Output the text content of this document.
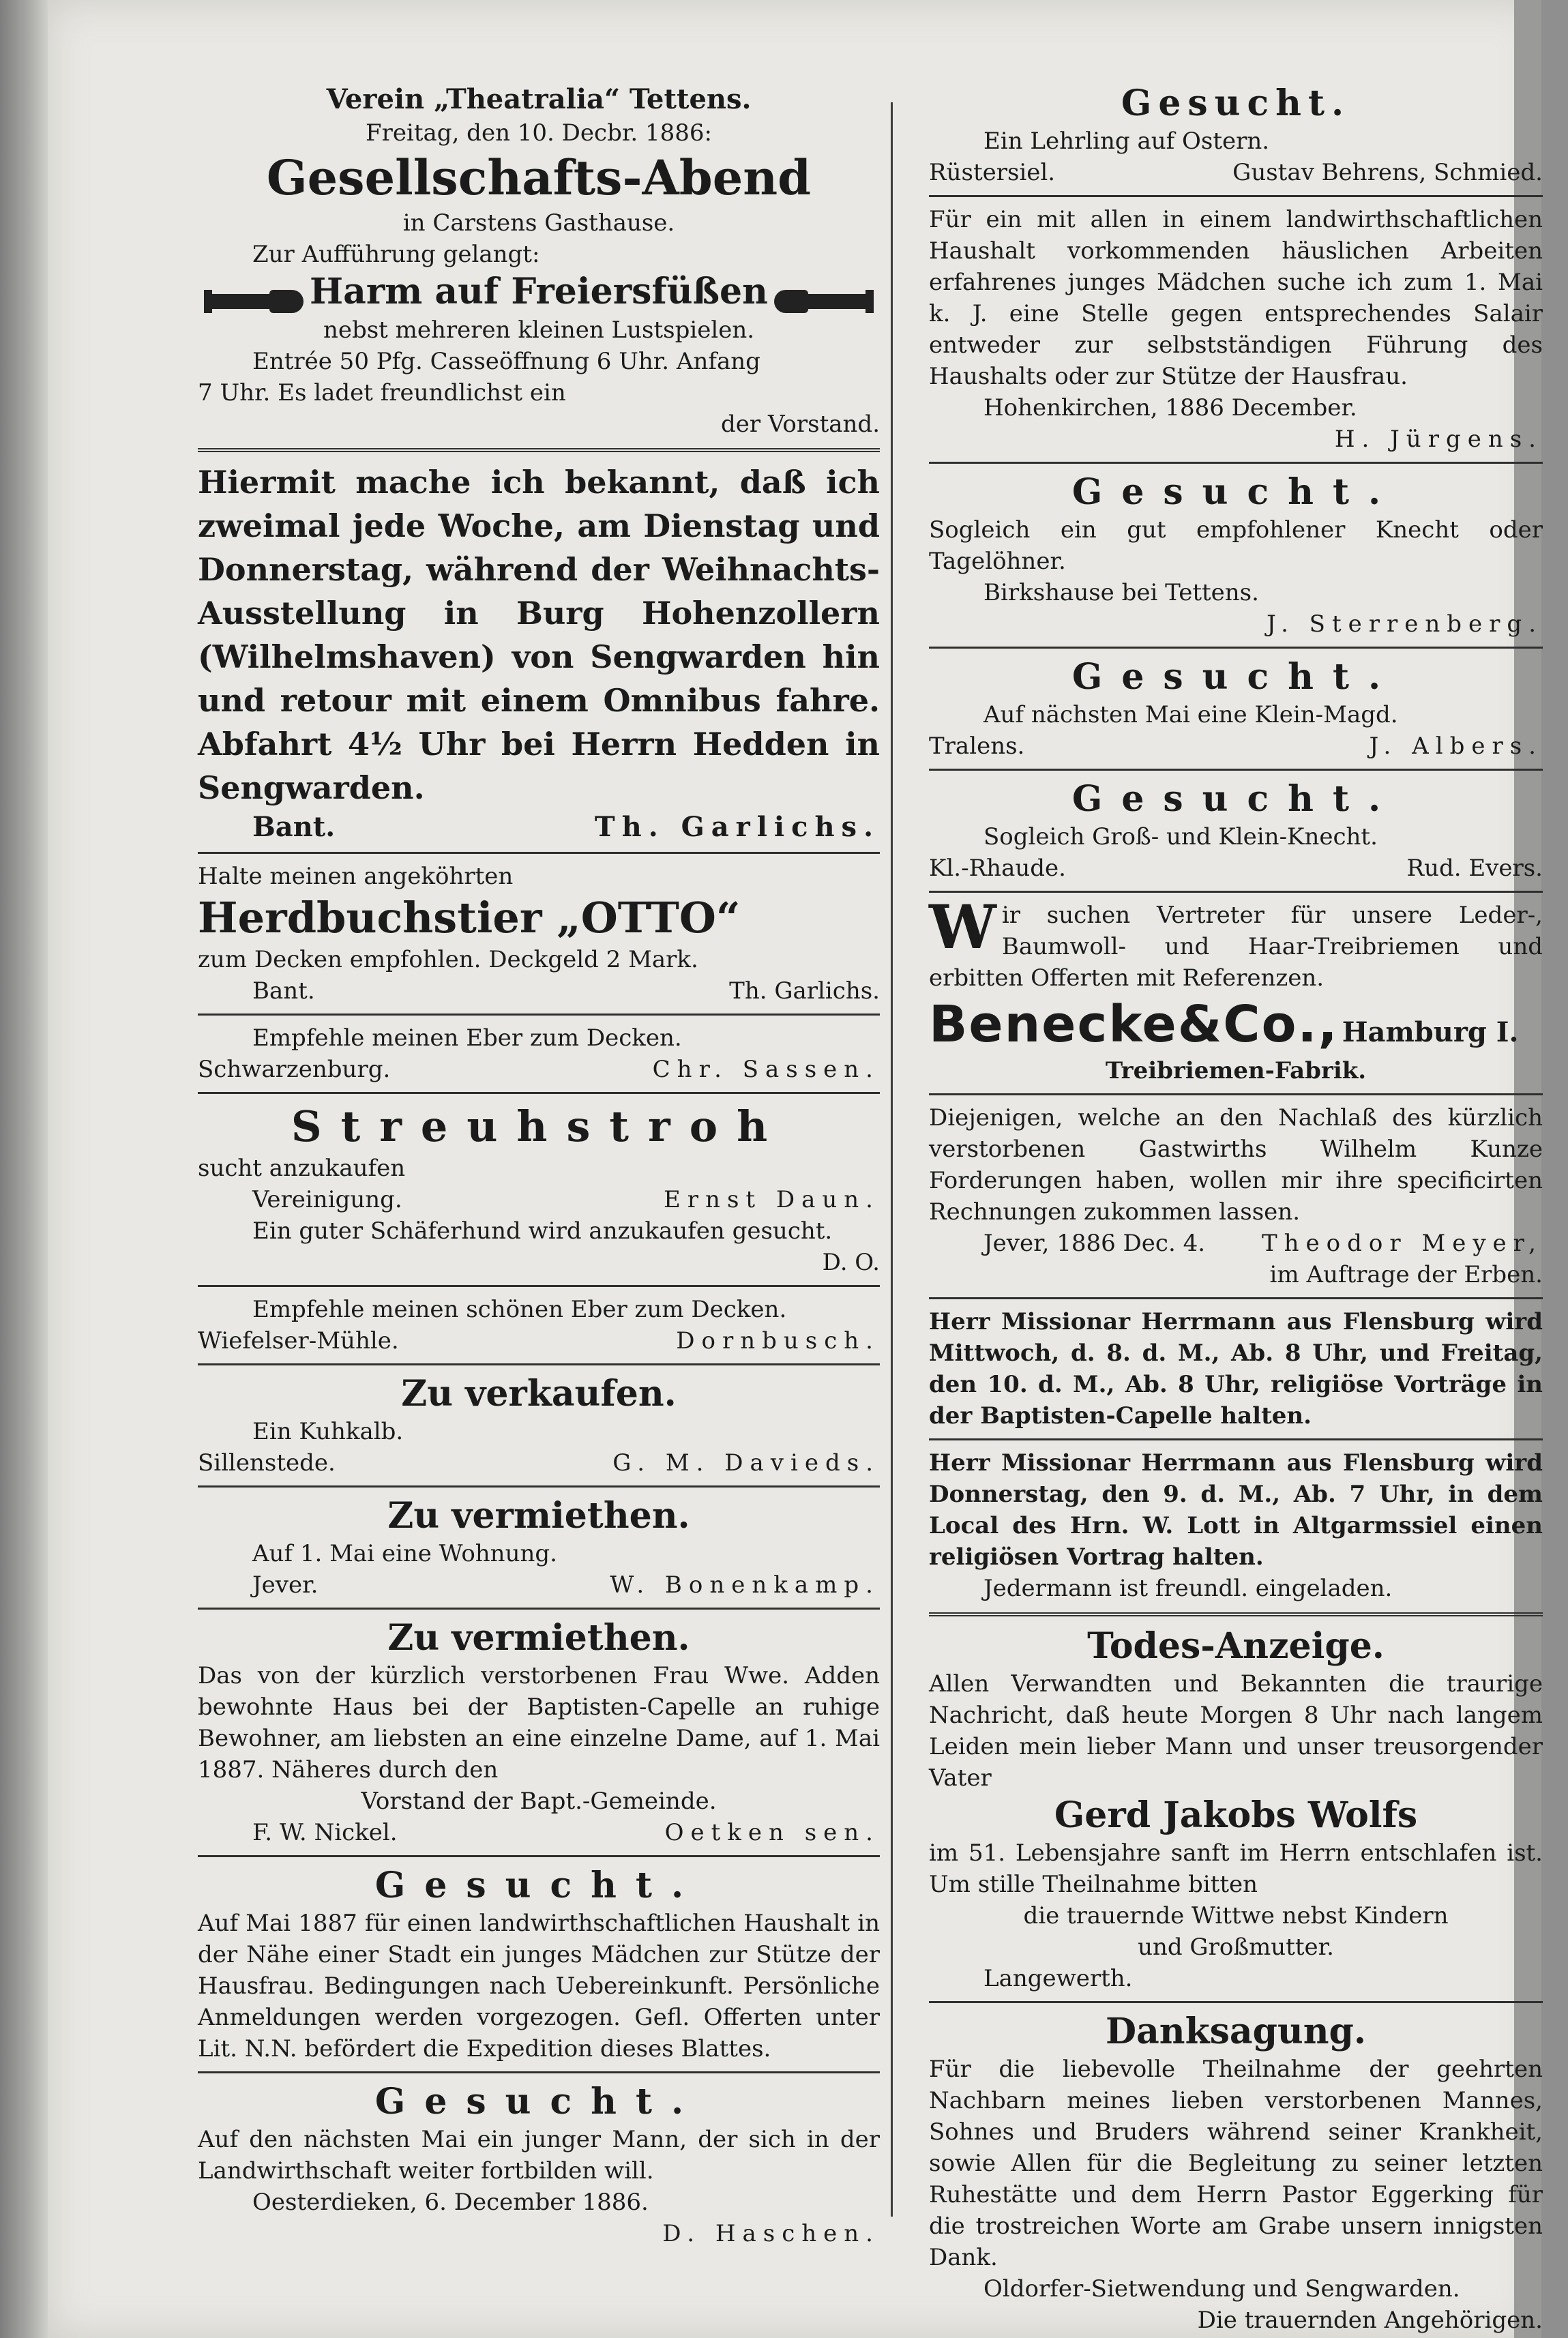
Verein „Theatralia“ Tettens.
Freitag, den 10. Decbr. 1886:
Gesellschafts-Abend
in Carstens Gasthause.
Zur Aufführung gelangt:
Harm auf Freiersfüßen
nebst mehreren kleinen Lustspielen.
Entrée 50 Pfg. Casseöffnung 6 Uhr. Anfang
7 Uhr. Es ladet freundlichst ein
der Vorstand.
Hiermit mache ich bekannt, daß ich zweimal jede Woche, am Dienstag und Donnerstag, während der Weihnachts-Ausstellung in Burg Hohenzollern (Wilhelmshaven) von Sengwarden hin und retour mit einem Omnibus fahre. Abfahrt 4½ Uhr bei Herrn Hedden in Sengwarden.
Bant.	Th. Garlichs.
Halte meinen angeköhrten
Herdbuchstier „OTTO“
zum Decken empfohlen. Deckgeld 2 Mark.
Bant.	Th. Garlichs.
Empfehle meinen Eber zum Decken.
Schwarzenburg.	Chr. Sassen.
Streuhstroh
sucht anzukaufen
Vereinigung.	Ernst Daun.
Ein guter Schäferhund wird anzukaufen gesucht.
D. O.
Empfehle meinen schönen Eber zum Decken.
Wiefelser-Mühle.	Dornbusch.
Zu verkaufen.
Ein Kuhkalb.
Sillenstede.	G. M. Davieds.
Zu vermiethen.
Auf 1. Mai eine Wohnung.
Jever.	W. Bonenkamp.
Zu vermiethen.
Das von der kürzlich verstorbenen Frau Wwe. Adden bewohnte Haus bei der Baptisten-Capelle an ruhige Bewohner, am liebsten an eine einzelne Dame, auf 1. Mai 1887. Näheres durch den
Vorstand der Bapt.-Gemeinde.
F. W. Nickel.	Oetken sen.
Gesucht.
Auf Mai 1887 für einen landwirthschaftlichen Haushalt in der Nähe einer Stadt ein junges Mädchen zur Stütze der Hausfrau. Bedingungen nach Uebereinkunft. Persönliche Anmeldungen werden vorgezogen. Gefl. Offerten unter Lit. N.N. befördert die Expedition dieses Blattes.
Gesucht.
Auf den nächsten Mai ein junger Mann, der sich in der Landwirthschaft weiter fortbilden will.
Oesterdieken, 6. December 1886.
D. Haschen.
Gesucht.
Ein Lehrling auf Ostern.
Rüstersiel.	Gustav Behrens, Schmied.
Für ein mit allen in einem landwirthschaftlichen Haushalt vorkommenden häuslichen Arbeiten erfahrenes junges Mädchen suche ich zum 1. Mai k. J. eine Stelle gegen entsprechendes Salair entweder zur selbstständigen Führung des Haushalts oder zur Stütze der Hausfrau.
Hohenkirchen, 1886 December.
H. Jürgens.
Gesucht.
Sogleich ein gut empfohlener Knecht oder Tagelöhner.
Birkshause bei Tettens.
J. Sterrenberg.
Gesucht.
Auf nächsten Mai eine Klein-Magd.
Tralens.	J. Albers.
Gesucht.
Sogleich Groß- und Klein-Knecht.
Kl.-Rhaude.	Rud. Evers.
W ir suchen Vertreter für unsere Leder-, Baumwoll- und Haar-Treibriemen und erbitten Offerten mit Referenzen.
Benecke&Co., Hamburg I.
Treibriemen-Fabrik.
Diejenigen, welche an den Nachlaß des kürzlich verstorbenen Gastwirths Wilhelm Kunze Forderungen haben, wollen mir ihre specificirten Rechnungen zukommen lassen.
Jever, 1886 Dec. 4. Theodor Meyer,
im Auftrage der Erben.
Herr Missionar Herrmann aus Flensburg wird Mittwoch, d. 8. d. M., Ab. 8 Uhr, und Freitag, den 10. d. M., Ab. 8 Uhr, religiöse Vorträge in der Baptisten-Capelle halten.
Herr Missionar Herrmann aus Flensburg wird Donnerstag, den 9. d. M., Ab. 7 Uhr, in dem Local des Hrn. W. Lott in Altgarmssiel einen religiösen Vortrag halten.
Jedermann ist freundl. eingeladen.
Todes-Anzeige.
Allen Verwandten und Bekannten die traurige Nachricht, daß heute Morgen 8 Uhr nach langem Leiden mein lieber Mann und unser treusorgender Vater
Gerd Jakobs Wolfs
im 51. Lebensjahre sanft im Herrn entschlafen ist. Um stille Theilnahme bitten
die trauernde Wittwe nebst Kindern
und Großmutter.
Langewerth.
Danksagung.
Für die liebevolle Theilnahme der geehrten Nachbarn meines lieben verstorbenen Mannes, Sohnes und Bruders während seiner Krankheit, sowie Allen für die Begleitung zu seiner letzten Ruhestätte und dem Herrn Pastor Eggerking für die trostreichen Worte am Grabe unsern innigsten Dank.
Oldorfer-Sietwendung und Sengwarden.
Die trauernden Angehörigen.
